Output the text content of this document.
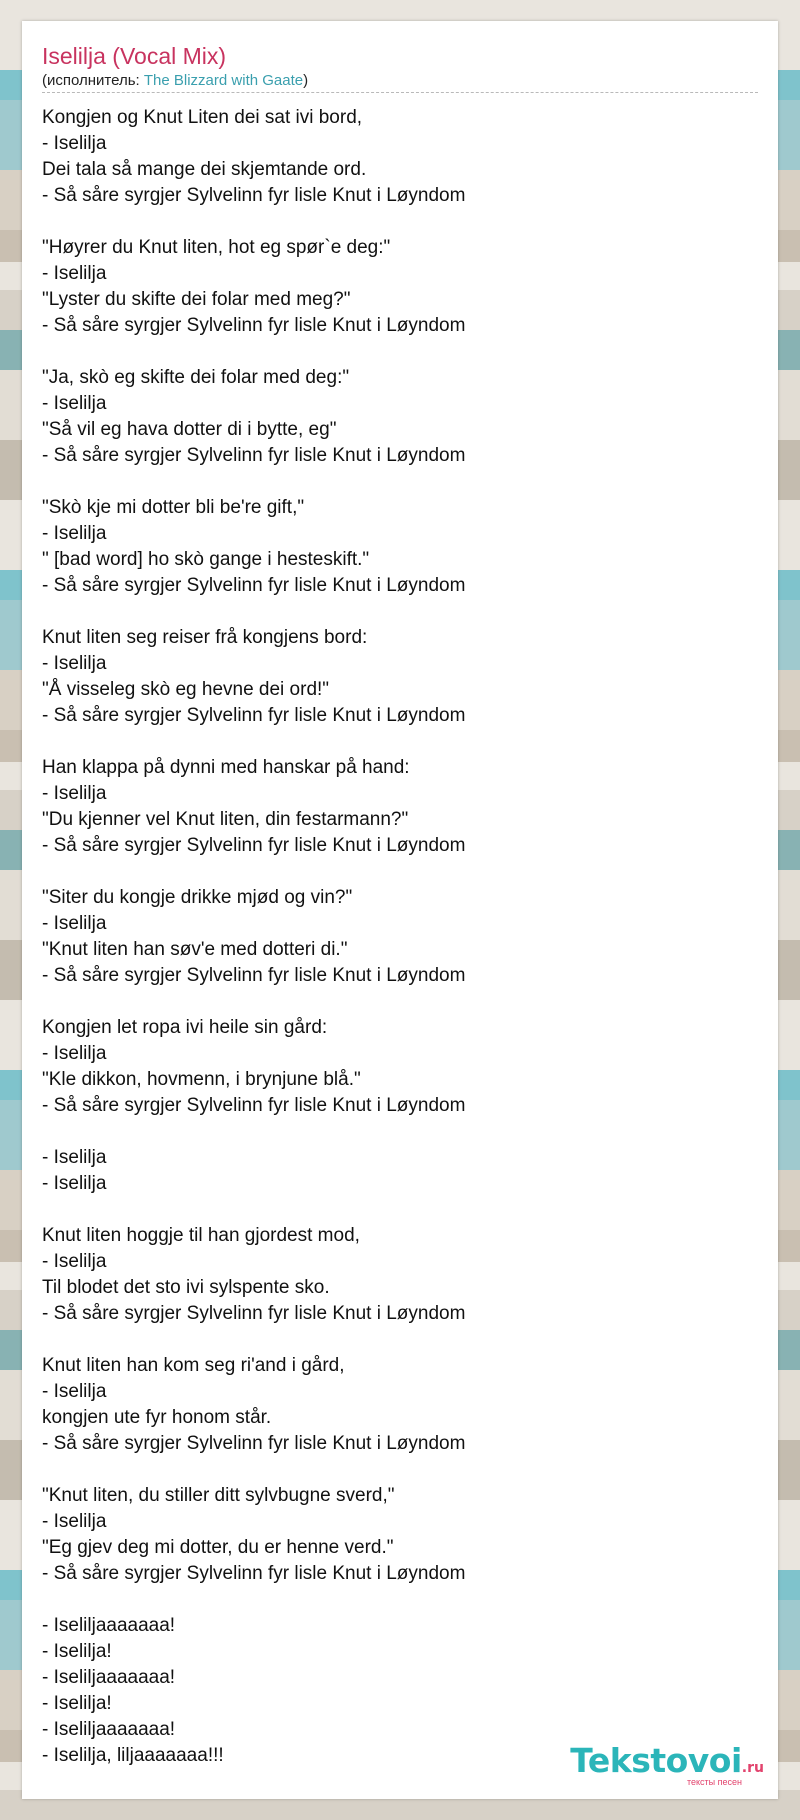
Iselilja (Vocal Mix)
(исполнитель: The Blizzard with Gaate)
Kongjen og Knut Liten dei sat ivi bord,
- Iselilja
Dei tala så mange dei skjemtande ord.
- Så såre syrgjer Sylvelinn fyr lisle Knut i Løyndom
"Høyrer du Knut liten, hot eg spør`e deg:"
- Iselilja
"Lyster du skifte dei folar med meg?"
- Så såre syrgjer Sylvelinn fyr lisle Knut i Løyndom
"Ja, skò eg skifte dei folar med deg:"
- Iselilja
"Så vil eg hava dotter di i bytte, eg"
- Så såre syrgjer Sylvelinn fyr lisle Knut i Løyndom
"Skò kje mi dotter bli be're gift,"
- Iselilja
" [bad word] ho skò gange i hesteskift."
- Så såre syrgjer Sylvelinn fyr lisle Knut i Løyndom
Knut liten seg reiser frå kongjens bord:
- Iselilja
"Å visseleg skò eg hevne dei ord!"
- Så såre syrgjer Sylvelinn fyr lisle Knut i Løyndom
Han klappa på dynni med hanskar på hand:
- Iselilja
"Du kjenner vel Knut liten, din festarmann?"
- Så såre syrgjer Sylvelinn fyr lisle Knut i Løyndom
"Siter du kongje drikke mjød og vin?"
- Iselilja
"Knut liten han søv'e med dotteri di."
- Så såre syrgjer Sylvelinn fyr lisle Knut i Løyndom
Kongjen let ropa ivi heile sin gård:
- Iselilja
"Kle dikkon, hovmenn, i brynjune blå."
- Så såre syrgjer Sylvelinn fyr lisle Knut i Løyndom
- Iselilja
- Iselilja
Knut liten hoggje til han gjordest mod,
- Iselilja
Til blodet det sto ivi sylspente sko.
- Så såre syrgjer Sylvelinn fyr lisle Knut i Løyndom
Knut liten han kom seg ri'and i gård,
- Iselilja
kongjen ute fyr honom står.
- Så såre syrgjer Sylvelinn fyr lisle Knut i Løyndom
"Knut liten, du stiller ditt sylvbugne sverd,"
- Iselilja
"Eg gjev deg mi dotter, du er henne verd."
- Så såre syrgjer Sylvelinn fyr lisle Knut i Løyndom
- Iseliljaaaaaaa!
- Iselilja!
- Iseliljaaaaaaa!
- Iselilja!
- Iseliljaaaaaaa!
- Iselilja, liljaaaaaaa!!!	Tekstovoi.ru
тексты песен
